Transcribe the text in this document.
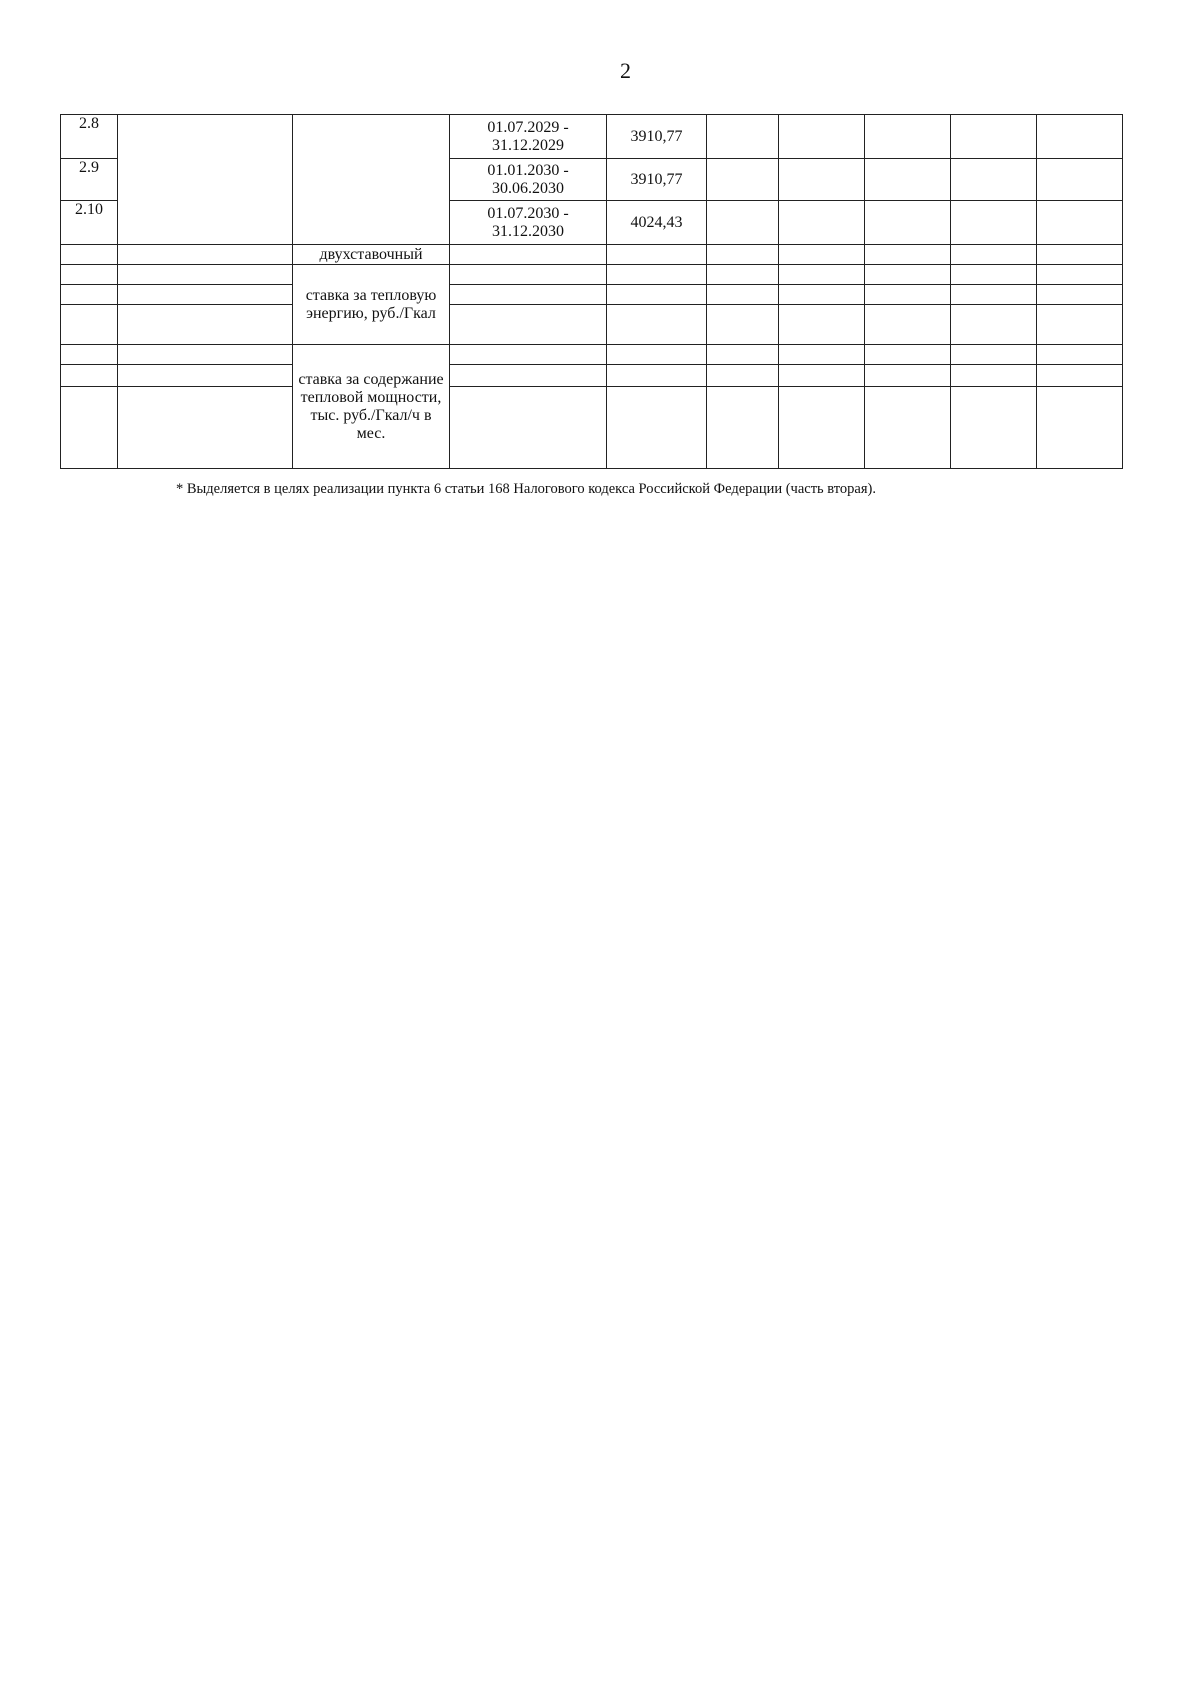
2
2.8			01.07.2029 -
31.12.2029	3910,77					
2.9			01.01.2030 -
30.06.2030	3910,77					
2.10			01.07.2030 -
31.12.2030	4024,43					
		двухставочный							
		ставка за тепловую энергию, руб./Гкал							

		ставка за содержание тепловой мощности, тыс. руб./Гкал/ч в мес.							

* Выделяется в целях реализации пункта 6 статьи 168 Налогового кодекса Российской Федерации (часть вторая).
